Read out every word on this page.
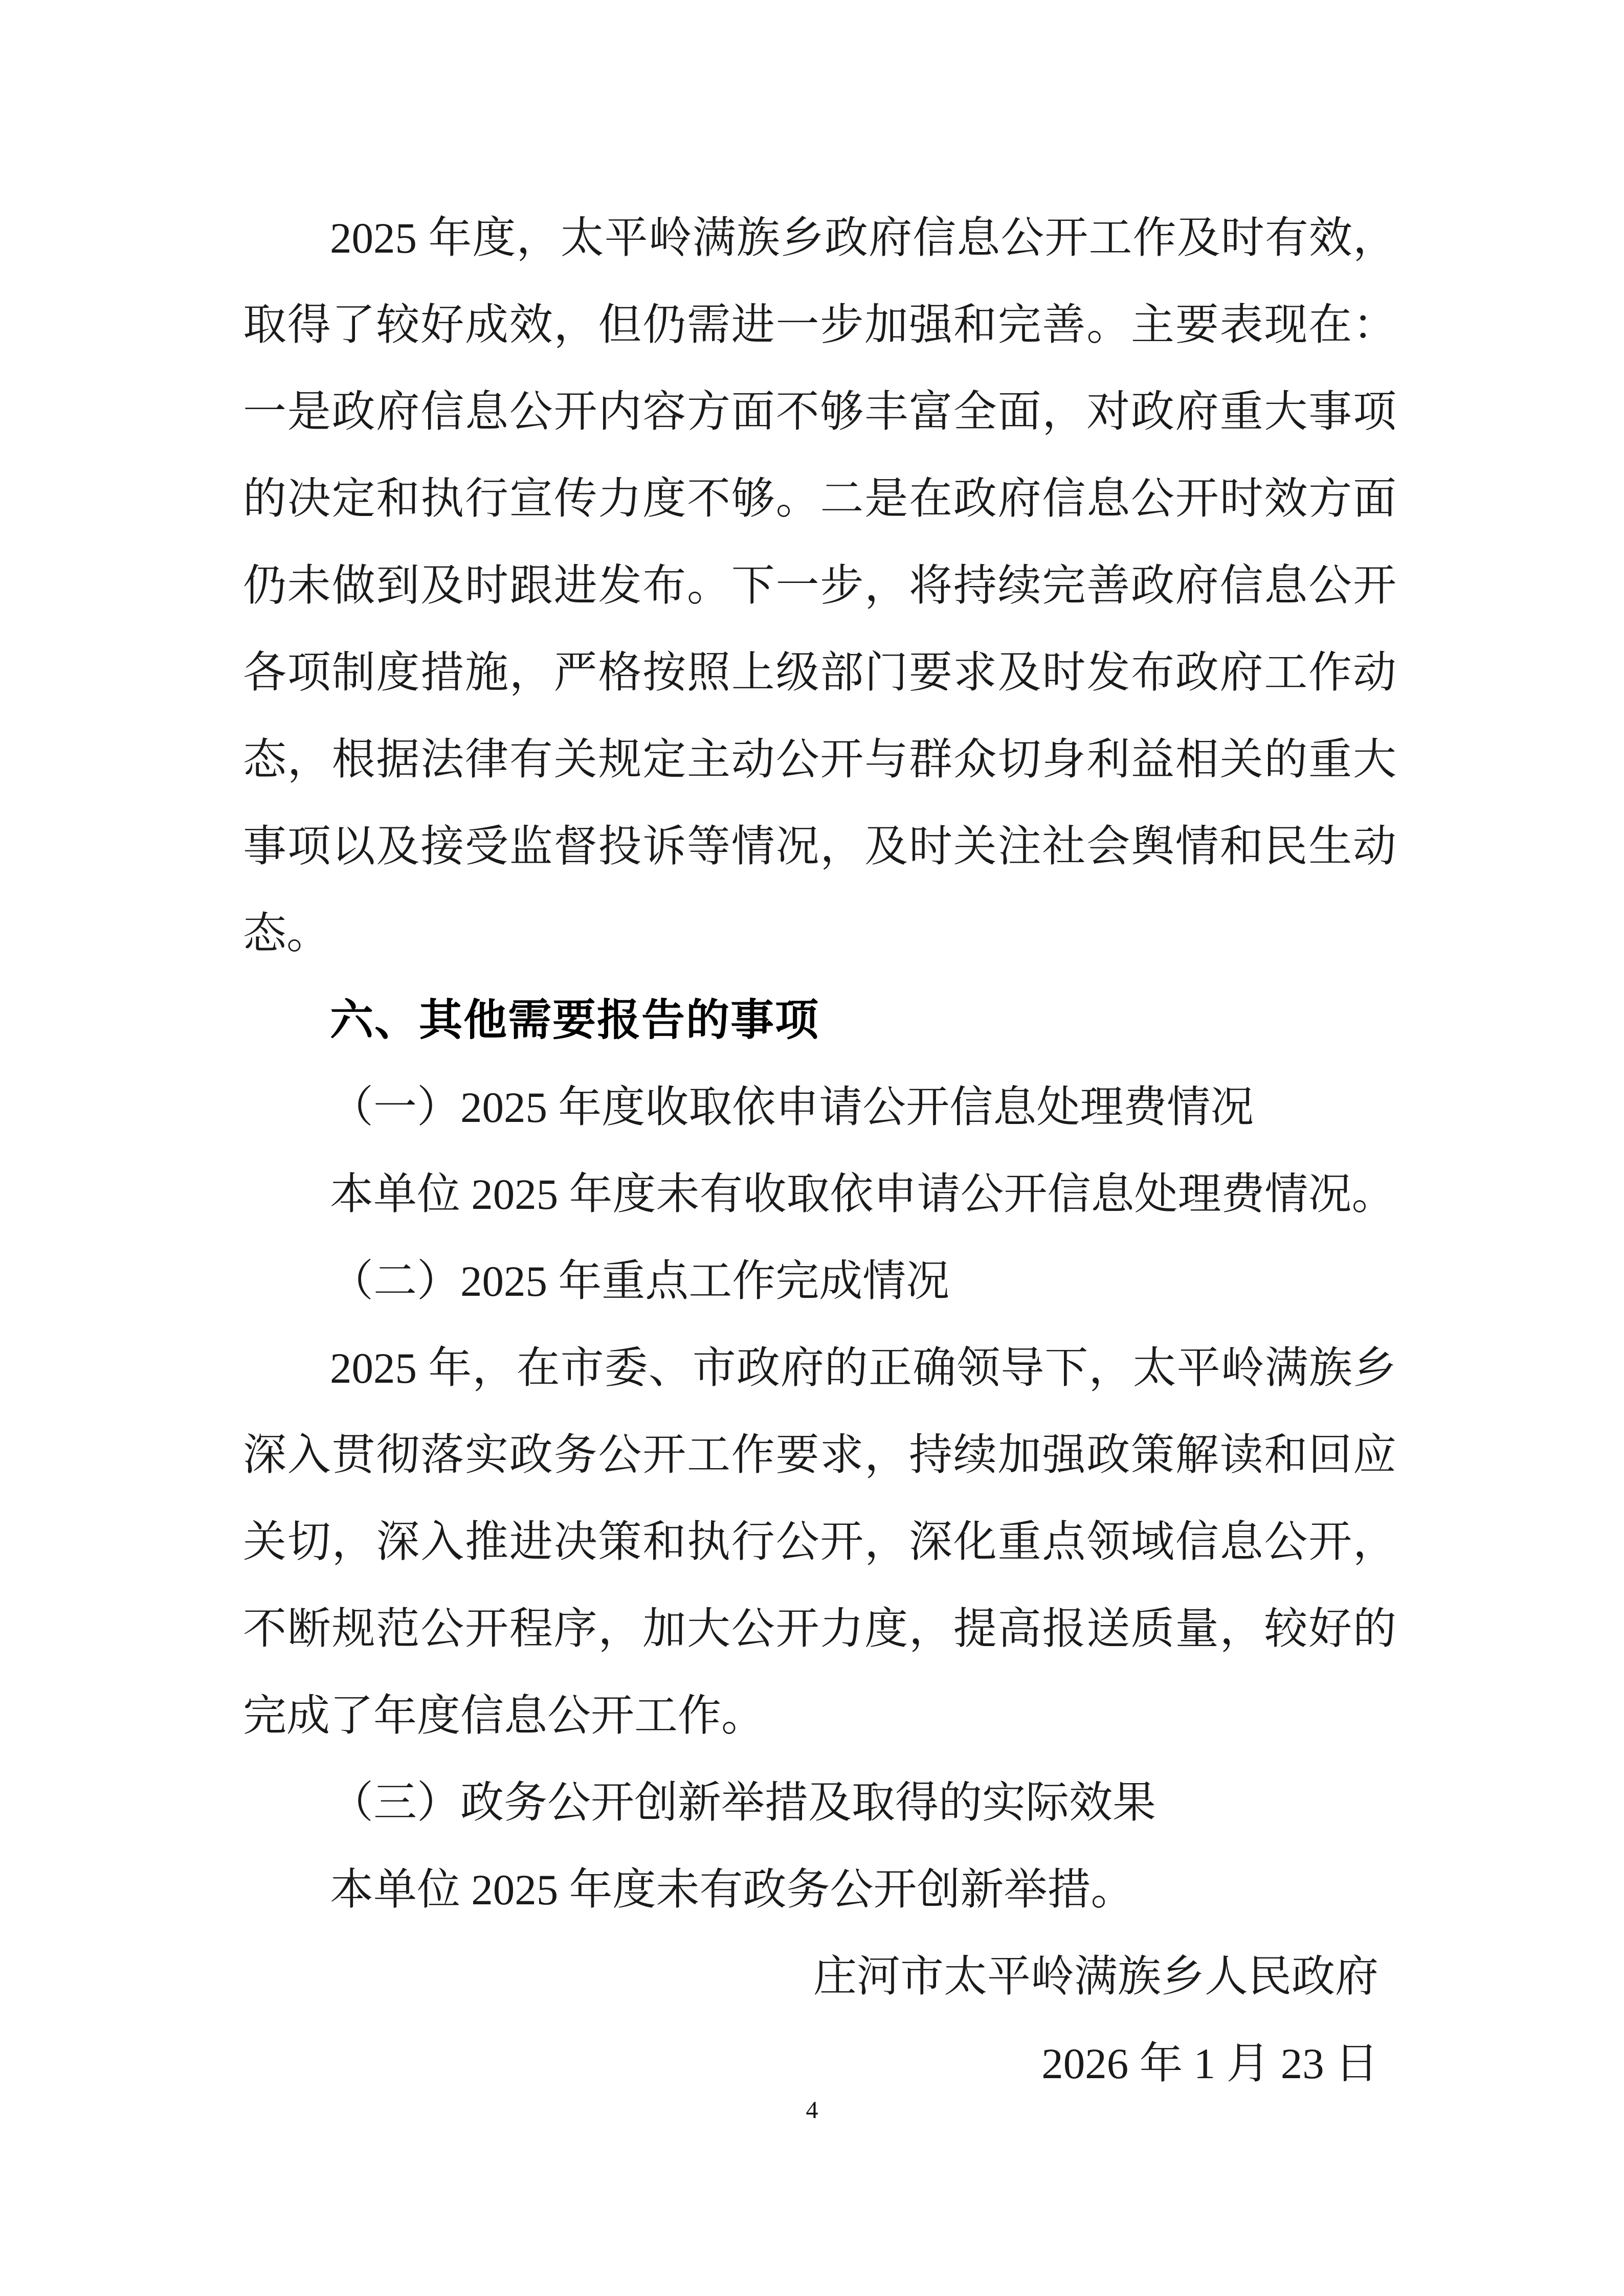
2025 年度，太平岭满族乡政府信息公开工作及时有效，
取得了较好成效，但仍需进一步加强和完善。主要表现在：
一是政府信息公开内容方面不够丰富全面，对政府重大事项
的决定和执行宣传力度不够。二是在政府信息公开时效方面
仍未做到及时跟进发布。下一步，将持续完善政府信息公开
各项制度措施，严格按照上级部门要求及时发布政府工作动
态，根据法律有关规定主动公开与群众切身利益相关的重大
事项以及接受监督投诉等情况，及时关注社会舆情和民生动
态。
六、其他需要报告的事项
（一）2025 年度收取依申请公开信息处理费情况
本单位 2025 年度未有收取依申请公开信息处理费情况。
（二）2025 年重点工作完成情况
2025 年，在市委、市政府的正确领导下，太平岭满族乡
深入贯彻落实政务公开工作要求，持续加强政策解读和回应
关切，深入推进决策和执行公开，深化重点领域信息公开，
不断规范公开程序，加大公开力度，提高报送质量，较好的
完成了年度信息公开工作。
（三）政务公开创新举措及取得的实际效果
本单位 2025 年度未有政务公开创新举措。
庄河市太平岭满族乡人民政府
2026 年 1 月 23 日
4
